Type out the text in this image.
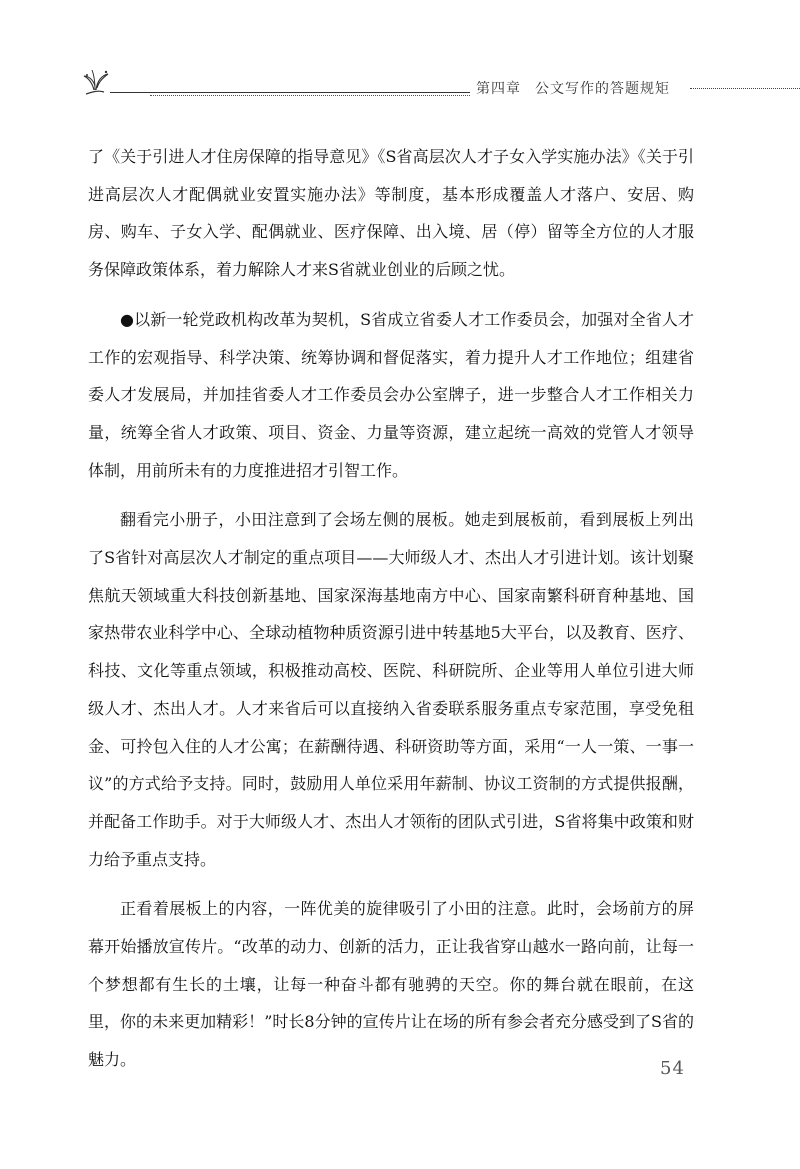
第四章 公文写作的答题规矩

了《关于引进人才住房保障的指导意见》《S省高层次人才子女入学实施办法》《关于引进高层次人才配偶就业安置实施办法》等制度，基本形成覆盖人才落户、安居、购房、购车、子女入学、配偶就业、医疗保障、出入境、居（停）留等全方位的人才服务保障政策体系，着力解除人才来S省就业创业的后顾之忧。

●以新一轮党政机构改革为契机，S省成立省委人才工作委员会，加强对全省人才工作的宏观指导、科学决策、统筹协调和督促落实，着力提升人才工作地位；组建省委人才发展局，并加挂省委人才工作委员会办公室牌子，进一步整合人才工作相关力量，统筹全省人才政策、项目、资金、力量等资源，建立起统一高效的党管人才领导体制，用前所未有的力度推进招才引智工作。

翻看完小册子，小田注意到了会场左侧的展板。她走到展板前，看到展板上列出了S省针对高层次人才制定的重点项目——大师级人才、杰出人才引进计划。该计划聚焦航天领域重大科技创新基地、国家深海基地南方中心、国家南繁科研育种基地、国家热带农业科学中心、全球动植物种质资源引进中转基地5大平台，以及教育、医疗、科技、文化等重点领域，积极推动高校、医院、科研院所、企业等用人单位引进大师级人才、杰出人才。人才来省后可以直接纳入省委联系服务重点专家范围，享受免租金、可拎包入住的人才公寓；在薪酬待遇、科研资助等方面，采用“一人一策、一事一议”的方式给予支持。同时，鼓励用人单位采用年薪制、协议工资制的方式提供报酬，并配备工作助手。对于大师级人才、杰出人才领衔的团队式引进，S省将集中政策和财力给予重点支持。

正看着展板上的内容，一阵优美的旋律吸引了小田的注意。此时，会场前方的屏幕开始播放宣传片。“改革的动力、创新的活力，正让我省穿山越水一路向前，让每一个梦想都有生长的土壤，让每一种奋斗都有驰骋的天空。你的舞台就在眼前，在这里，你的未来更加精彩！”时长8分钟的宣传片让在场的所有参会者充分感受到了S省的魅力。	54
